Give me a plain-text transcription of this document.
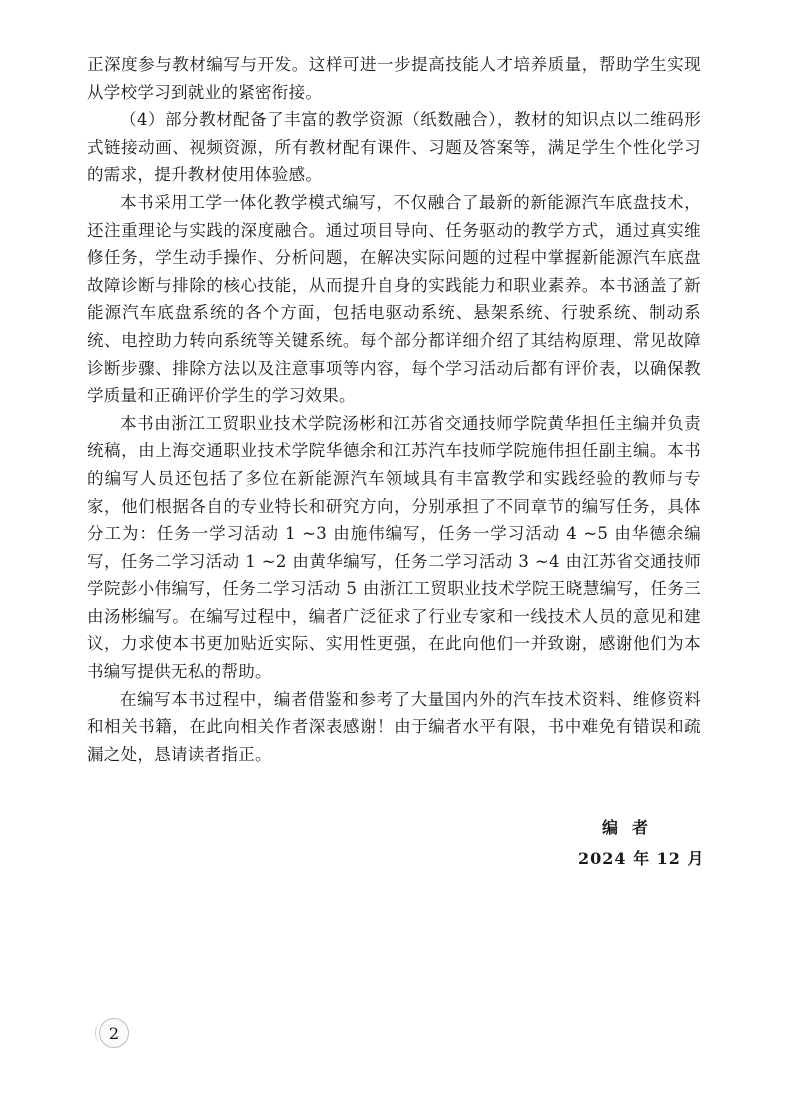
正深度参与教材编写与开发。这样可进一步提高技能人才培养质量，帮助学生实现从学校学习到就业的紧密衔接。

（4）部分教材配备了丰富的教学资源（纸数融合），教材的知识点以二维码形式链接动画、视频资源，所有教材配有课件、习题及答案等，满足学生个性化学习的需求，提升教材使用体验感。

本书采用工学一体化教学模式编写，不仅融合了最新的新能源汽车底盘技术，还注重理论与实践的深度融合。通过项目导向、任务驱动的教学方式，通过真实维修任务，学生动手操作、分析问题，在解决实际问题的过程中掌握新能源汽车底盘故障诊断与排除的核心技能，从而提升自身的实践能力和职业素养。本书涵盖了新能源汽车底盘系统的各个方面，包括电驱动系统、悬架系统、行驶系统、制动系统、电控助力转向系统等关键系统。每个部分都详细介绍了其结构原理、常见故障诊断步骤、排除方法以及注意事项等内容，每个学习活动后都有评价表，以确保教学质量和正确评价学生的学习效果。

本书由浙江工贸职业技术学院汤彬和江苏省交通技师学院黄华担任主编并负责统稿，由上海交通职业技术学院华德余和江苏汽车技师学院施伟担任副主编。本书的编写人员还包括了多位在新能源汽车领域具有丰富教学和实践经验的教师与专家，他们根据各自的专业特长和研究方向，分别承担了不同章节的编写任务，具体分工为：任务一学习活动 1 ~3 由施伟编写，任务一学习活动 4 ~5 由华德余编写，任务二学习活动 1 ~2 由黄华编写，任务二学习活动 3 ~4 由江苏省交通技师学院彭小伟编写，任务二学习活动 5 由浙江工贸职业技术学院王晓慧编写，任务三由汤彬编写。在编写过程中，编者广泛征求了行业专家和一线技术人员的意见和建议，力求使本书更加贴近实际、实用性更强，在此向他们一并致谢，感谢他们为本书编写提供无私的帮助。

在编写本书过程中，编者借鉴和参考了大量国内外的汽车技术资料、维修资料和相关书籍，在此向相关作者深表感谢！由于编者水平有限，书中难免有错误和疏漏之处，恳请读者指正。

编者

2024 年 12 月

2
